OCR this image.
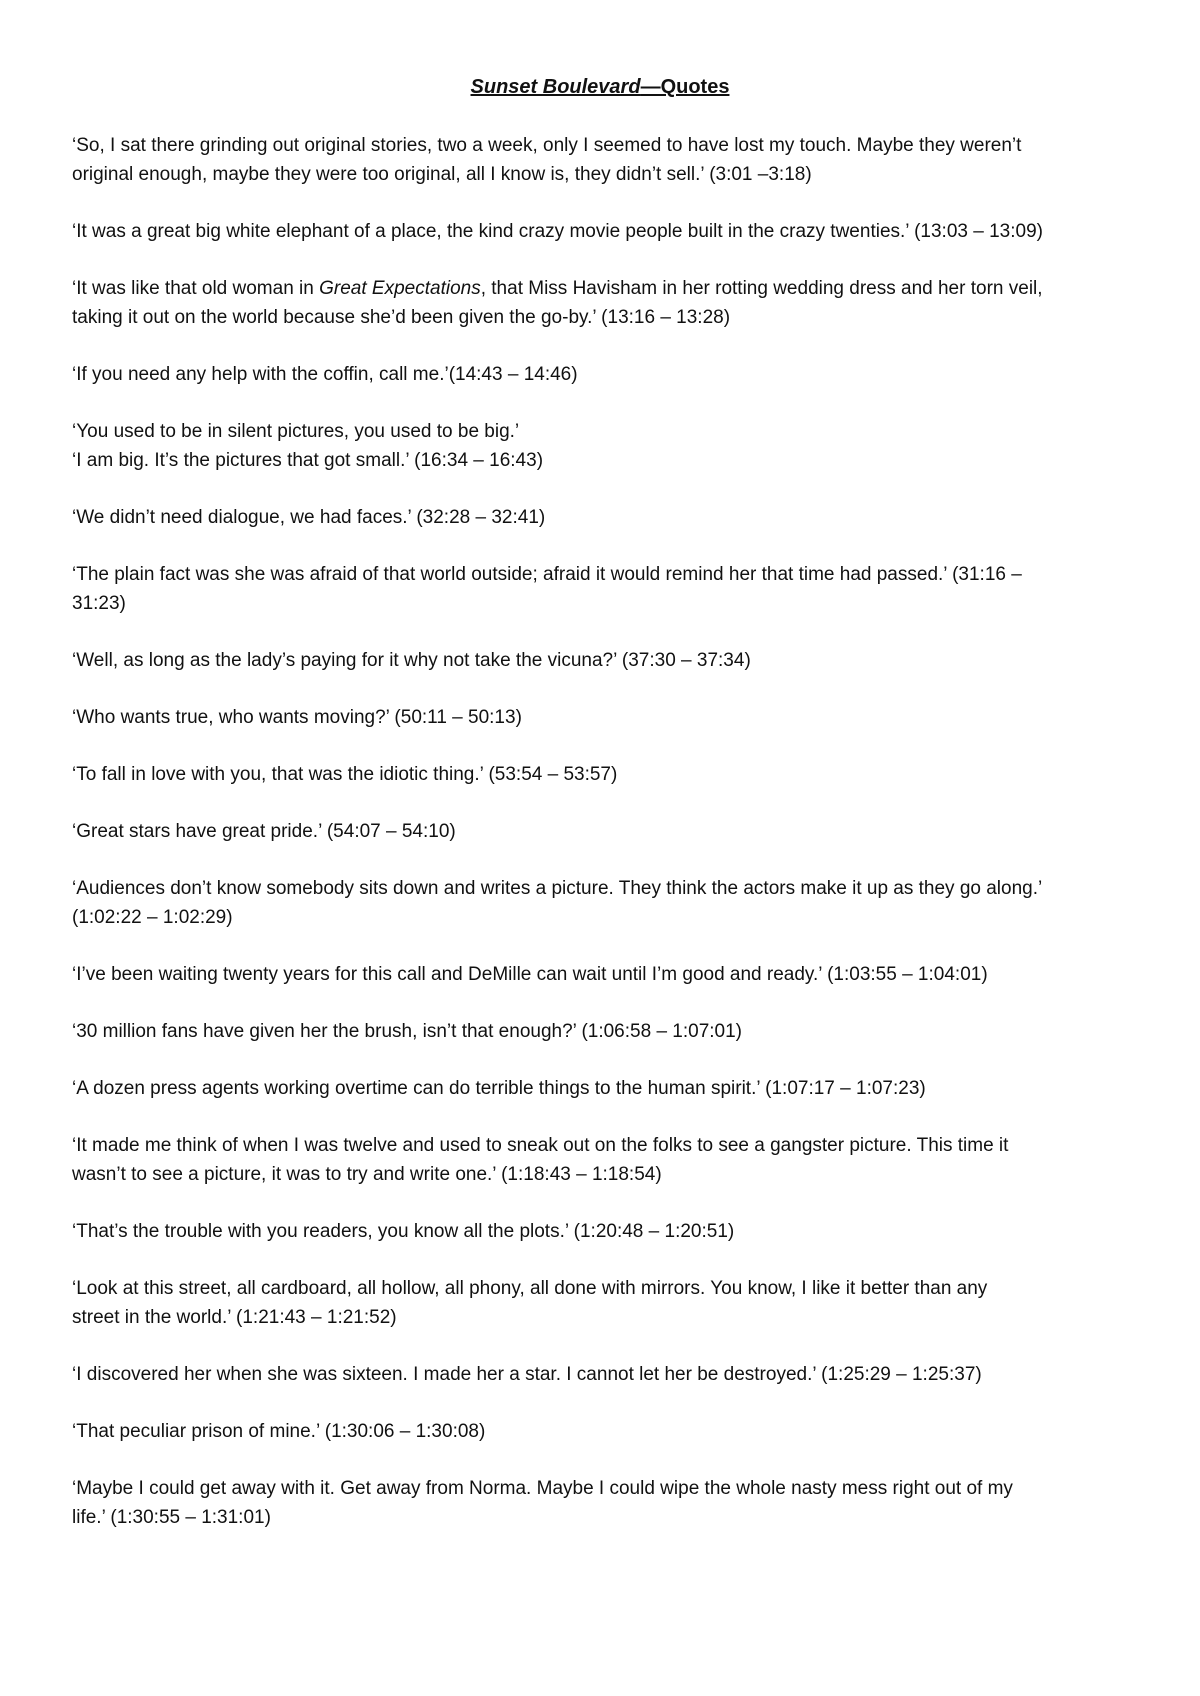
Sunset Boulevard—Quotes

‘So, I sat there grinding out original stories, two a week, only I seemed to have lost my touch. Maybe they weren’t
original enough, maybe they were too original, all I know is, they didn’t sell.’ (3:01 –3:18)

‘It was a great big white elephant of a place, the kind crazy movie people built in the crazy twenties.’ (13:03 – 13:09)

‘It was like that old woman in Great Expectations, that Miss Havisham in her rotting wedding dress and her torn veil,
taking it out on the world because she’d been given the go-by.’ (13:16 – 13:28)

‘If you need any help with the coffin, call me.’(14:43 – 14:46)

‘You used to be in silent pictures, you used to be big.’
‘I am big. It’s the pictures that got small.’ (16:34 – 16:43)

‘We didn’t need dialogue, we had faces.’ (32:28 – 32:41)

‘The plain fact was she was afraid of that world outside; afraid it would remind her that time had passed.’ (31:16 –
31:23)

‘Well, as long as the lady’s paying for it why not take the vicuna?’ (37:30 – 37:34)

‘Who wants true, who wants moving?’ (50:11 – 50:13)

‘To fall in love with you, that was the idiotic thing.’ (53:54 – 53:57)

‘Great stars have great pride.’ (54:07 – 54:10)

‘Audiences don’t know somebody sits down and writes a picture. They think the actors make it up as they go along.’
(1:02:22 – 1:02:29)

‘I’ve been waiting twenty years for this call and DeMille can wait until I’m good and ready.’ (1:03:55 – 1:04:01)

‘30 million fans have given her the brush, isn’t that enough?’ (1:06:58 – 1:07:01)

‘A dozen press agents working overtime can do terrible things to the human spirit.’ (1:07:17 – 1:07:23)

‘It made me think of when I was twelve and used to sneak out on the folks to see a gangster picture. This time it
wasn’t to see a picture, it was to try and write one.’ (1:18:43 – 1:18:54)

‘That’s the trouble with you readers, you know all the plots.’ (1:20:48 – 1:20:51)

‘Look at this street, all cardboard, all hollow, all phony, all done with mirrors. You know, I like it better than any
street in the world.’ (1:21:43 – 1:21:52)

‘I discovered her when she was sixteen. I made her a star. I cannot let her be destroyed.’ (1:25:29 – 1:25:37)

‘That peculiar prison of mine.’ (1:30:06 – 1:30:08)

‘Maybe I could get away with it. Get away from Norma. Maybe I could wipe the whole nasty mess right out of my
life.’ (1:30:55 – 1:31:01)
